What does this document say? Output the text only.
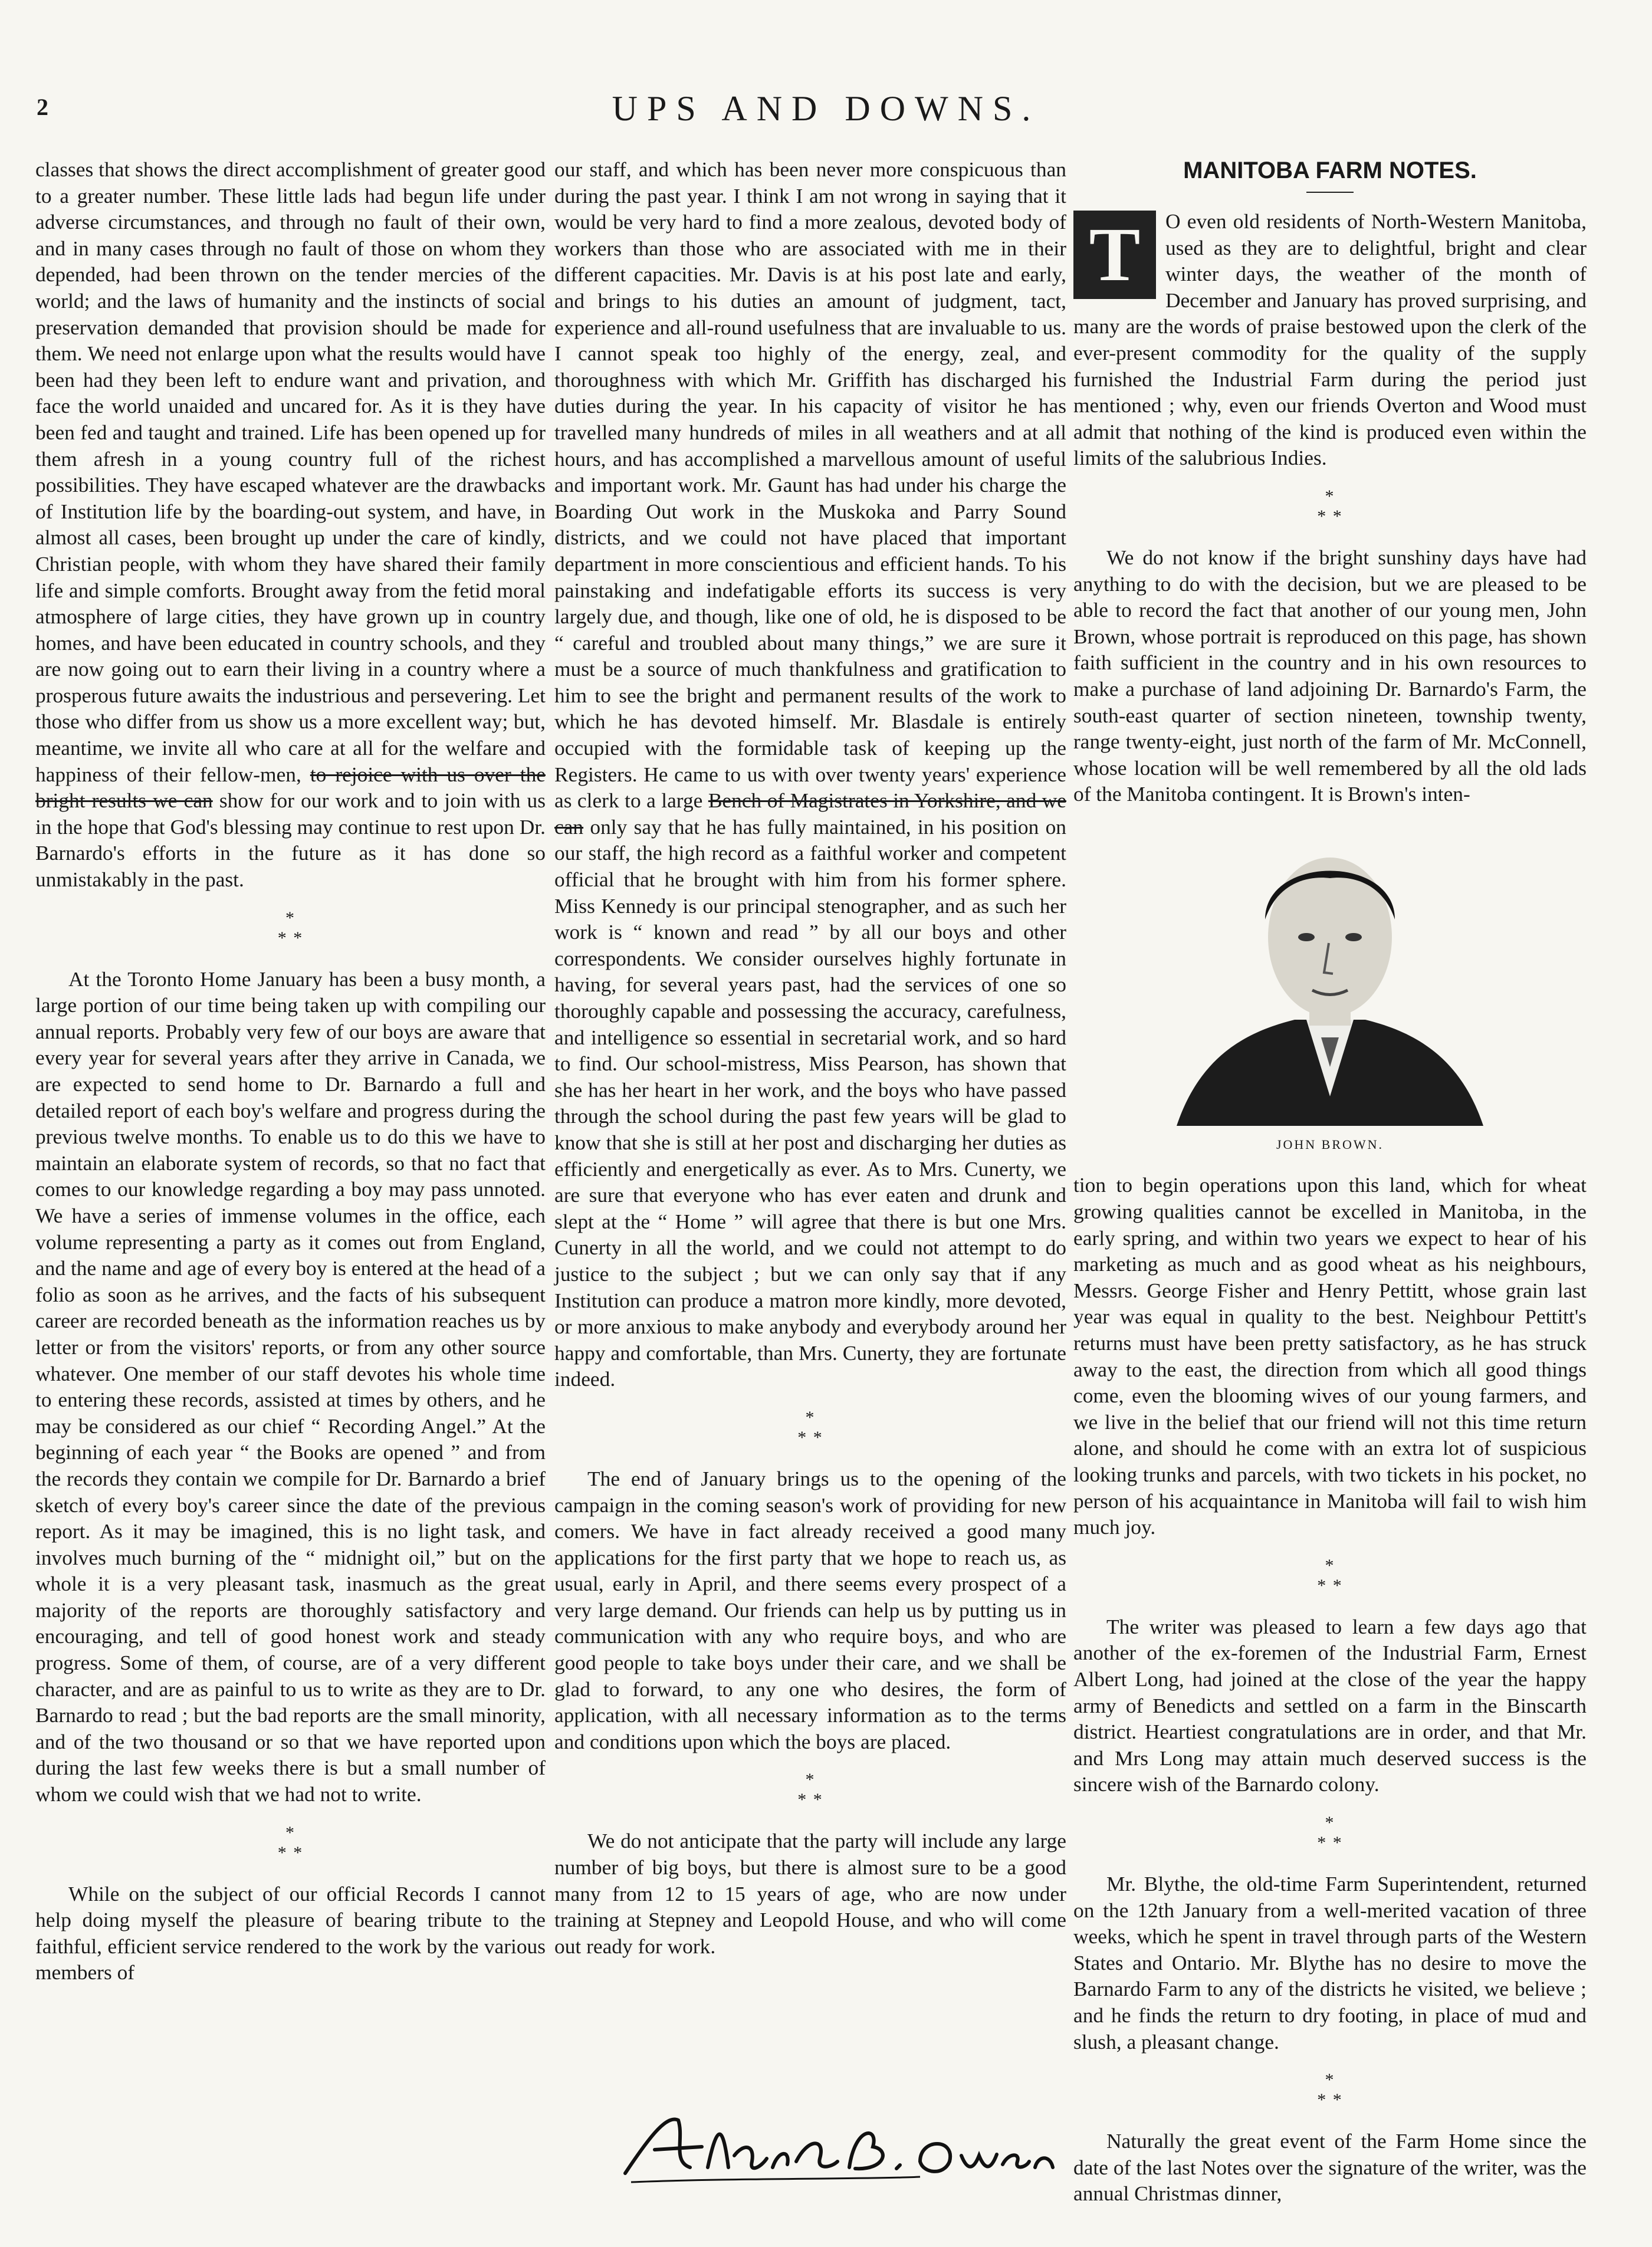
2	UPS AND DOWNS.

classes that shows the direct accomplishment of greater good to a greater number. These little lads had begun life under adverse circumstances, and through no fault of their own, and in many cases through no fault of those on whom they depended, had been thrown on the tender mercies of the world; and the laws of humanity and the instincts of social preservation demanded that provision should be made for them. We need not enlarge upon what the results would have been had they been left to endure want and privation, and face the world unaided and uncared for. As it is they have been fed and taught and trained. Life has been opened up for them afresh in a young country full of the richest possibilities. They have escaped whatever are the drawbacks of Institution life by the boarding-out system, and have, in almost all cases, been brought up under the care of kindly, Christian people, with whom they have shared their family life and simple comforts. Brought away from the fetid moral atmosphere of large cities, they have grown up in country homes, and have been educated in country schools, and they are now going out to earn their living in a country where a prosperous future awaits the industrious and persevering. Let those who differ from us show us a more excellent way; but, meantime, we invite all who care at all for the welfare and happiness of their fellow-men, to rejoice with us over the bright results we can show for our work and to join with us in the hope that God's blessing may continue to rest upon Dr. Barnardo's efforts in the future as it has done so unmistakably in the past.

*
* *

At the Toronto Home January has been a busy month, a large portion of our time being taken up with compiling our annual reports. Probably very few of our boys are aware that every year for several years after they arrive in Canada, we are expected to send home to Dr. Barnardo a full and detailed report of each boy's welfare and progress during the previous twelve months. To enable us to do this we have to maintain an elaborate system of records, so that no fact that comes to our knowledge regarding a boy may pass unnoted. We have a series of immense volumes in the office, each volume representing a party as it comes out from England, and the name and age of every boy is entered at the head of a folio as soon as he arrives, and the facts of his subsequent career are recorded beneath as the information reaches us by letter or from the visitors' reports, or from any other source whatever. One member of our staff devotes his whole time to entering these records, assisted at times by others, and he may be considered as our chief “ Recording Angel.” At the beginning of each year “ the Books are opened ” and from the records they contain we compile for Dr. Barnardo a brief sketch of every boy's career since the date of the previous report. As it may be imagined, this is no light task, and involves much burning of the “ midnight oil,” but on the whole it is a very pleasant task, inasmuch as the great majority of the reports are thoroughly satisfactory and encouraging, and tell of good honest work and steady progress. Some of them, of course, are of a very different character, and are as painful to us to write as they are to Dr. Barnardo to read ; but the bad reports are the small minority, and of the two thousand or so that we have reported upon during the last few weeks there is but a small number of whom we could wish that we had not to write.

*
* *

While on the subject of our official Records I cannot help doing myself the pleasure of bearing tribute to the faithful, efficient service rendered to the work by the various members of

our staff, and which has been never more conspicuous than during the past year. I think I am not wrong in saying that it would be very hard to find a more zealous, devoted body of workers than those who are associated with me in their different capacities. Mr. Davis is at his post late and early, and brings to his duties an amount of judgment, tact, experience and all-round usefulness that are invaluable to us. I cannot speak too highly of the energy, zeal, and thoroughness with which Mr. Griffith has discharged his duties during the year. In his capacity of visitor he has travelled many hundreds of miles in all weathers and at all hours, and has accomplished a marvellous amount of useful and important work. Mr. Gaunt has had under his charge the Boarding Out work in the Muskoka and Parry Sound districts, and we could not have placed that important department in more conscientious and efficient hands. To his painstaking and indefatigable efforts its success is very largely due, and though, like one of old, he is disposed to be “ careful and troubled about many things,” we are sure it must be a source of much thankfulness and gratification to him to see the bright and permanent results of the work to which he has devoted himself. Mr. Blasdale is entirely occupied with the formidable task of keeping up the Registers. He came to us with over twenty years' experience as clerk to a large Bench of Magistrates in Yorkshire, and we can only say that he has fully maintained, in his position on our staff, the high record as a faithful worker and competent official that he brought with him from his former sphere. Miss Kennedy is our principal stenographer, and as such her work is “ known and read ” by all our boys and other correspondents. We consider ourselves highly fortunate in having, for several years past, had the services of one so thoroughly capable and possessing the accuracy, carefulness, and intelligence so essential in secretarial work, and so hard to find. Our school-mistress, Miss Pearson, has shown that she has her heart in her work, and the boys who have passed through the school during the past few years will be glad to know that she is still at her post and discharging her duties as efficiently and energetically as ever. As to Mrs. Cunerty, we are sure that everyone who has ever eaten and drunk and slept at the “ Home ” will agree that there is but one Mrs. Cunerty in all the world, and we could not attempt to do justice to the subject ; but we can only say that if any Institution can produce a matron more kindly, more devoted, or more anxious to make anybody and everybody around her happy and comfortable, than Mrs. Cunerty, they are fortunate indeed.

*
* *

The end of January brings us to the opening of the campaign in the coming season's work of providing for new comers. We have in fact already received a good many applications for the first party that we hope to reach us, as usual, early in April, and there seems every prospect of a very large demand. Our friends can help us by putting us in communication with any who require boys, and who are good people to take boys under their care, and we shall be glad to forward, to any one who desires, the form of application, with all necessary information as to the terms and conditions upon which the boys are placed.

*
* *

We do not anticipate that the party will include any large number of big boys, but there is almost sure to be a good many from 12 to 15 years of age, who are now under training at Stepney and Leopold House, and who will come out ready for work.

MANITOBA FARM NOTES.

T	O even old residents of North-Western Manitoba, used as they are to delightful, bright and clear winter days, the weather of the month of December and January has proved surprising, and many are the words of praise bestowed upon the clerk of the ever-present commodity for the quality of the supply furnished the Industrial Farm during the period just mentioned ; why, even our friends Overton and Wood must admit that nothing of the kind is produced even within the limits of the salubrious Indies.

*
* *

We do not know if the bright sunshiny days have had anything to do with the decision, but we are pleased to be able to record the fact that another of our young men, John Brown, whose portrait is reproduced on this page, has shown faith sufficient in the country and in his own resources to make a purchase of land adjoining Dr. Barnardo's Farm, the south-east quarter of section nineteen, township twenty, range twenty-eight, just north of the farm of Mr. McConnell, whose location will be well remembered by all the old lads of the Manitoba contingent. It is Brown's inten-

JOHN BROWN.

tion to begin operations upon this land, which for wheat growing qualities cannot be excelled in Manitoba, in the early spring, and within two years we expect to hear of his marketing as much and as good wheat as his neighbours, Messrs. George Fisher and Henry Pettitt, whose grain last year was equal in quality to the best. Neighbour Pettitt's returns must have been pretty satisfactory, as he has struck away to the east, the direction from which all good things come, even the blooming wives of our young farmers, and we live in the belief that our friend will not this time return alone, and should he come with an extra lot of suspicious looking trunks and parcels, with two tickets in his pocket, no person of his acquaintance in Manitoba will fail to wish him much joy.

*
* *

The writer was pleased to learn a few days ago that another of the ex-foremen of the Industrial Farm, Ernest Albert Long, had joined at the close of the year the happy army of Benedicts and settled on a farm in the Binscarth district. Heartiest congratulations are in order, and that Mr. and Mrs Long may attain much deserved success is the sincere wish of the Barnardo colony.

*
* *

Mr. Blythe, the old-time Farm Superintendent, returned on the 12th January from a well-merited vacation of three weeks, which he spent in travel through parts of the Western States and Ontario. Mr. Blythe has no desire to move the Barnardo Farm to any of the districts he visited, we believe ; and he finds the return to dry footing, in place of mud and slush, a pleasant change.

*
* *

Naturally the great event of the Farm Home since the date of the last Notes over the signature of the writer, was the annual Christmas dinner,
